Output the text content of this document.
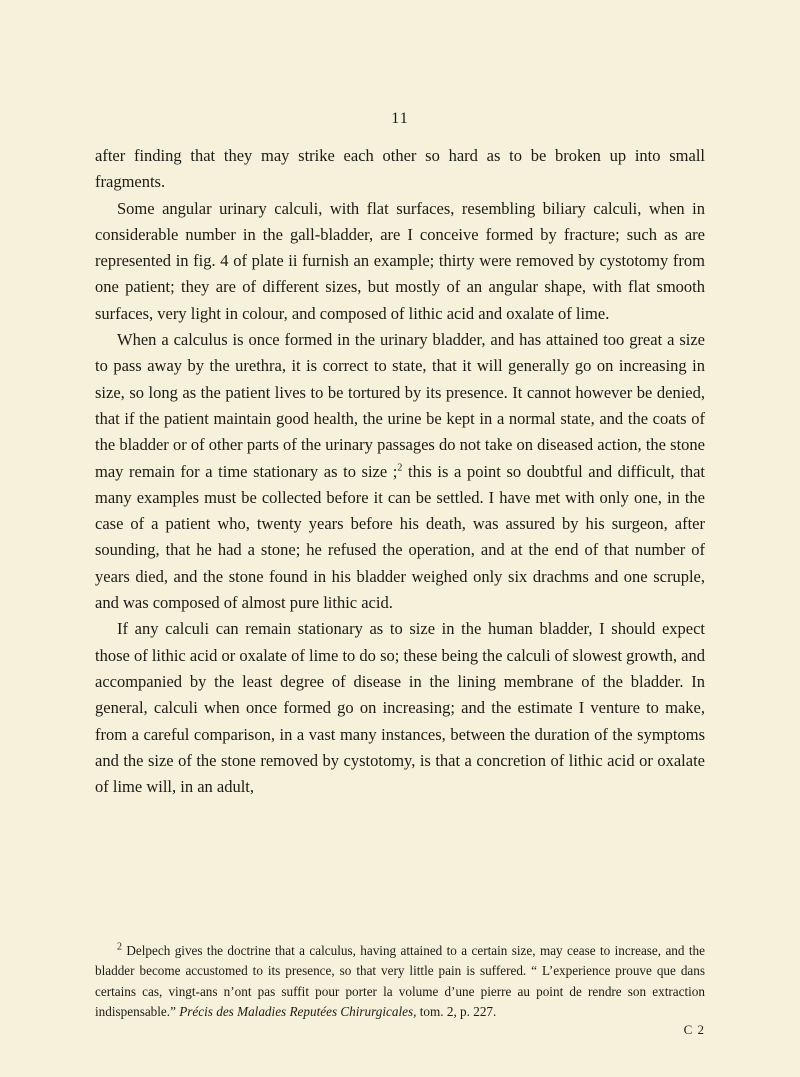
11

after finding that they may strike each other so hard as to be broken up into small fragments.

Some angular urinary calculi, with flat surfaces, resembling biliary calculi, when in considerable number in the gall-bladder, are I conceive formed by fracture; such as are represented in fig. 4 of plate ii furnish an example; thirty were removed by cystotomy from one patient; they are of different sizes, but mostly of an angular shape, with flat smooth surfaces, very light in colour, and composed of lithic acid and oxalate of lime.

When a calculus is once formed in the urinary bladder, and has attained too great a size to pass away by the urethra, it is correct to state, that it will generally go on increasing in size, so long as the patient lives to be tortured by its presence. It cannot however be denied, that if the patient maintain good health, the urine be kept in a normal state, and the coats of the bladder or of other parts of the urinary passages do not take on diseased action, the stone may remain for a time stationary as to size ;$^2$ this is a point so doubtful and difficult, that many examples must be collected before it can be settled. I have met with only one, in the case of a patient who, twenty years before his death, was assured by his surgeon, after sounding, that he had a stone; he refused the operation, and at the end of that number of years died, and the stone found in his bladder weighed only six drachms and one scruple, and was composed of almost pure lithic acid.

If any calculi can remain stationary as to size in the human bladder, I should expect those of lithic acid or oxalate of lime to do so; these being the calculi of slowest growth, and accompanied by the least degree of disease in the lining membrane of the bladder. In general, calculi when once formed go on increasing; and the estimate I venture to make, from a careful comparison, in a vast many instances, between the duration of the symptoms and the size of the stone removed by cystotomy, is that a concretion of lithic acid or oxalate of lime will, in an adult,

$^2$ Delpech gives the doctrine that a calculus, having attained to a certain size, may cease to increase, and the bladder become accustomed to its presence, so that very little pain is suffered. “ L’experience prouve que dans certains cas, vingt-ans n’ont pas suffit pour porter la volume d’une pierre au point de rendre son extraction indispensable.” Précis des Maladies Reputées Chirurgicales, tom. 2, p. 227.

C 2
